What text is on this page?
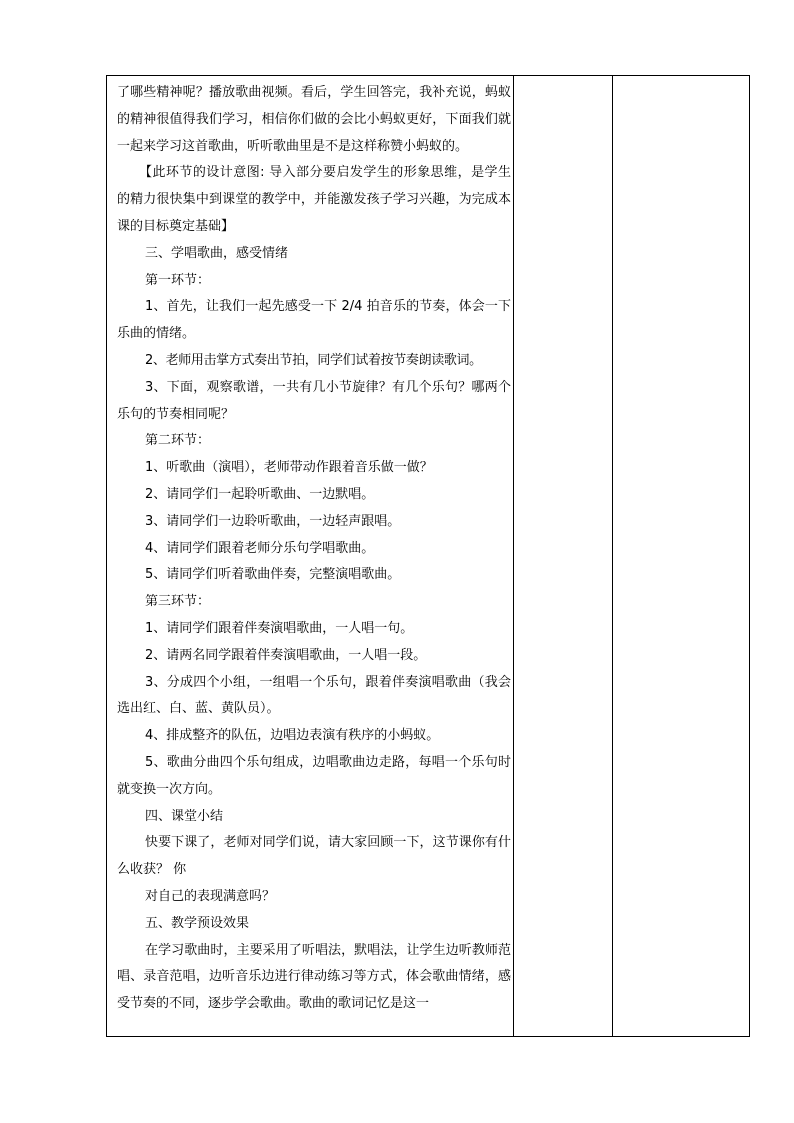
了哪些精神呢？播放歌曲视频。看后，学生回答完，我补充说，蚂蚁的精神很值得我们学习，相信你们做的会比小蚂蚁更好，下面我们就一起来学习这首歌曲，听听歌曲里是不是这样称赞小蚂蚁的。

【此环节的设计意图: 导入部分要启发学生的形象思维，是学生的精力很快集中到课堂的教学中，并能激发孩子学习兴趣，为完成本课的目标奠定基础】

三、学唱歌曲，感受情绪

第一环节：

1、首先，让我们一起先感受一下 2/4 拍音乐的节奏，体会一下乐曲的情绪。

2、老师用击掌方式奏出节拍，同学们试着按节奏朗读歌词。

3、下面，观察歌谱，一共有几小节旋律？有几个乐句？哪两个乐句的节奏相同呢？

第二环节：

1、听歌曲（演唱），老师带动作跟着音乐做一做？

2、请同学们一起聆听歌曲、一边默唱。

3、请同学们一边聆听歌曲，一边轻声跟唱。

4、请同学们跟着老师分乐句学唱歌曲。

5、请同学们听着歌曲伴奏，完整演唱歌曲。

第三环节：

1、请同学们跟着伴奏演唱歌曲，一人唱一句。

2、请两名同学跟着伴奏演唱歌曲，一人唱一段。

3、分成四个小组，一组唱一个乐句，跟着伴奏演唱歌曲（我会选出红、白、蓝、黄队员）。

4、排成整齐的队伍，边唱边表演有秩序的小蚂蚁。

5、歌曲分曲四个乐句组成，边唱歌曲边走路，每唱一个乐句时就变换一次方向。

四、课堂小结

快要下课了，老师对同学们说，请大家回顾一下，这节课你有什么收获？ 你

对自己的表现满意吗？

五、教学预设效果

在学习歌曲时，主要采用了听唱法，默唱法，让学生边听教师范唱、录音范唱，边听音乐边进行律动练习等方式，体会歌曲情绪，感受节奏的不同，逐步学会歌曲。歌曲的歌词记忆是这一
